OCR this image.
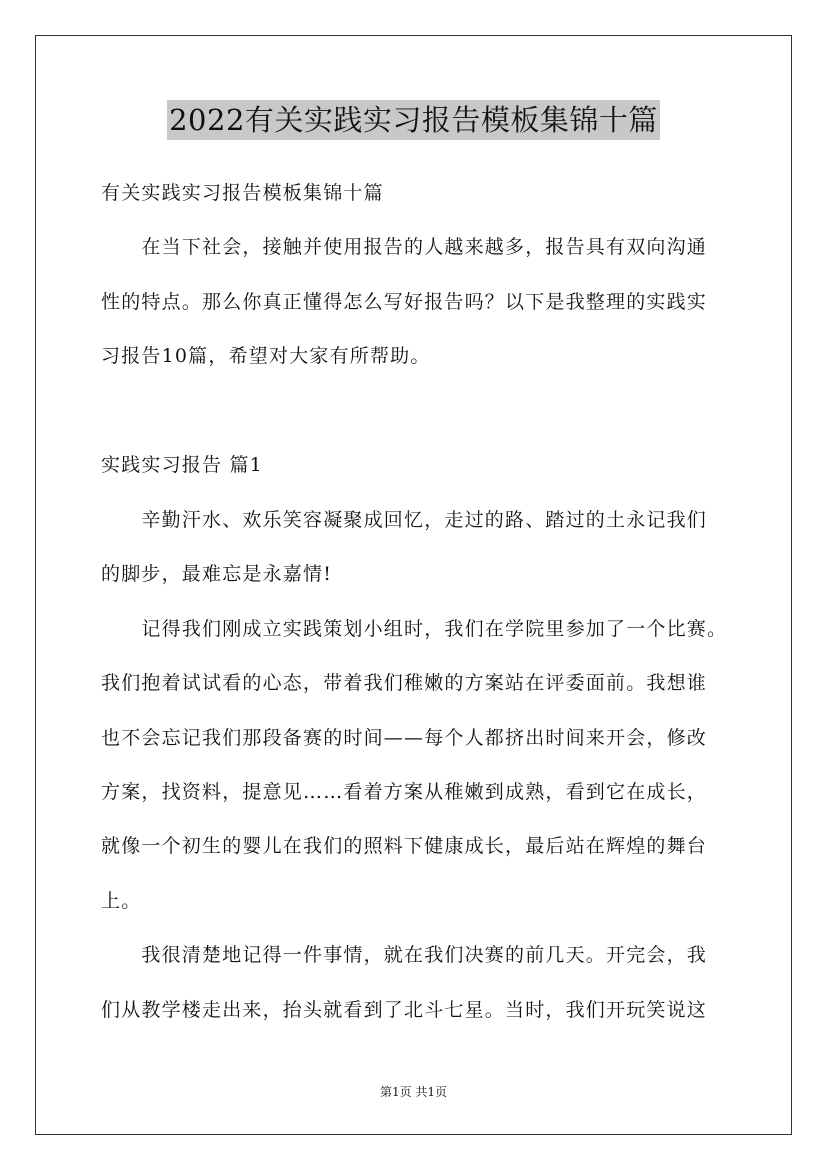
2022有关实践实习报告模板集锦十篇
有关实践实习报告模板集锦十篇
　　在当下社会，接触并使用报告的人越来越多，报告具有双向沟通
性的特点。那么你真正懂得怎么写好报告吗？以下是我整理的实践实
习报告10篇，希望对大家有所帮助。
实践实习报告 篇1
　　辛勤汗水、欢乐笑容凝聚成回忆，走过的路、踏过的土永记我们
的脚步，最难忘是永嘉情!
　　记得我们刚成立实践策划小组时，我们在学院里参加了一个比赛。
我们抱着试试看的心态，带着我们稚嫩的方案站在评委面前。我想谁
也不会忘记我们那段备赛的时间——每个人都挤出时间来开会，修改
方案，找资料，提意见……看着方案从稚嫩到成熟，看到它在成长，
就像一个初生的婴儿在我们的照料下健康成长，最后站在辉煌的舞台
上。
　　我很清楚地记得一件事情，就在我们决赛的前几天。开完会，我
们从教学楼走出来，抬头就看到了北斗七星。当时，我们开玩笑说这
第1页 共1页
